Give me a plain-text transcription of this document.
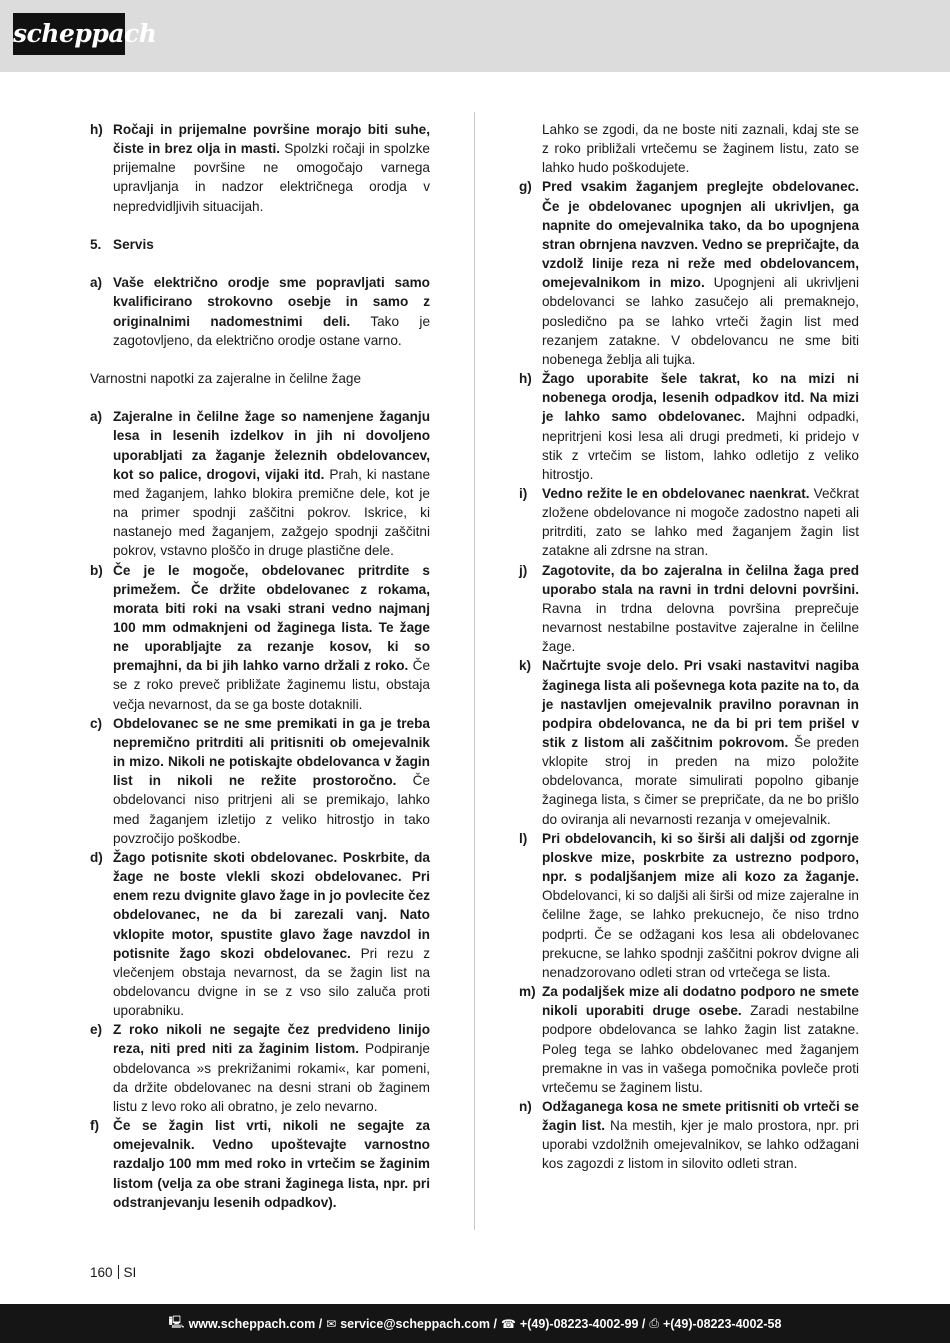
scheppach
h) Ročaji in prijemalne površine morajo biti suhe, čiste in brez olja in masti. Spolzki ročaji in spolzke prijemalne površine ne omogočajo varnega upravljanja in nadzor električnega orodja v nepredvidljivih situacijah.
5. Servis
a) Vaše električno orodje sme popravljati samo kvalificirano strokovno osebje in samo z originalnimi nadomestnimi deli. Tako je zagotovljeno, da električno orodje ostane varno.

Varnostni napotki za zajeralne in čelilne žage

a) Zajeralne in čelilne žage so namenjene žaganju lesa in lesenih izdelkov in jih ni dovoljeno uporabljati za žaganje železnih obdelovancev, kot so palice, drogovi, vijaki itd. Prah, ki nastane med žaganjem, lahko blokira premične dele, kot je na primer spodnji zaščitni pokrov. Iskrice, ki nastanejo med žaganjem, zažgejo spodnji zaščitni pokrov, vstavno ploščo in druge plastične dele.
b) Če je le mogoče, obdelovanec pritrdite s primežem. Če držite obdelovanec z rokama, morata biti roki na vsaki strani vedno najmanj 100 mm odmaknjeni od žaginega lista. Te žage ne uporabljajte za rezanje kosov, ki so premajhni, da bi jih lahko varno držali z roko. Če se z roko preveč približate žaginemu listu, obstaja večja nevarnost, da se ga boste dotaknili.
c) Obdelovanec se ne sme premikati in ga je treba nepremično pritrditi ali pritisniti ob omejevalnik in mizo. Nikoli ne potiskajte obdelovanca v žagin list in nikoli ne režite prostoročno. Če obdelovanci niso pritrjeni ali se premikajo, lahko med žaganjem izletijo z veliko hitrostjo in tako povzročijo poškodbe.
d) Žago potisnite skoti obdelovanec. Poskrbite, da žage ne boste vlekli skozi obdelovanec. Pri enem rezu dvignite glavo žage in jo povlecite čez obdelovanec, ne da bi zarezali vanj. Nato vklopite motor, spustite glavo žage navzdol in potisnite žago skozi obdelovanec. Pri rezu z vlečenjem obstaja nevarnost, da se žagin list na obdelovancu dvigne in se z vso silo zaluča proti uporabniku.
e) Z roko nikoli ne segajte čez predvideno linijo reza, niti pred niti za žaginim listom. Podpiranje obdelovanca »s prekrižanimi rokami«, kar pomeni, da držite obdelovanec na desni strani ob žaginem listu z levo roko ali obratno, je zelo nevarno.
f)	Če se žagin list vrti, nikoli ne segajte za omejevalnik. Vedno upoštevajte varnostno razdaljo 100 mm med roko in vrtečim se žaginim listom (velja za obe strani žaginega lista, npr. pri odstranjevanju lesenih odpadkov).

Lahko se zgodi, da ne boste niti zaznali, kdaj ste se z roko približali vrtečemu se žaginem listu, zato se lahko hudo poškodujete.

g) Pred vsakim žaganjem preglejte obdelovanec. Če je obdelovanec upognjen ali ukrivljen, ga napnite do omejevalnika tako, da bo upognjena stran obrnjena navzven. Vedno se prepričajte, da vzdolž linije reza ni reže med obdelovancem, omejevalnikom in mizo. Upognjeni ali ukrivljeni obdelovanci se lahko zasučejo ali premaknejo, posledično pa se lahko vrteči žagin list med rezanjem zatakne. V obdelovancu ne sme biti nobenega žeblja ali tujka.
h) Žago uporabite šele takrat, ko na mizi ni nobenega orodja, lesenih odpadkov itd. Na mizi je lahko samo obdelovanec. Majhni odpadki, nepritrjeni kosi lesa ali drugi predmeti, ki pridejo v stik z vrtečim se listom, lahko odletijo z veliko hitrostjo.
i)	Vedno režite le en obdelovanec naenkrat. Večkrat zložene obdelovance ni mogoče zadostno napeti ali pritrditi, zato se lahko med žaganjem žagin list zatakne ali zdrsne na stran.
j)	Zagotovite, da bo zajeralna in čelilna žaga pred uporabo stala na ravni in trdni delovni površini. Ravna in trdna delovna površina preprečuje nevarnost nestabilne postavitve zajeralne in čelilne žage.
k) Načrtujte svoje delo. Pri vsaki nastavitvi nagiba žaginega lista ali poševnega kota pazite na to, da je nastavljen omejevalnik pravilno poravnan in podpira obdelovanca, ne da bi pri tem prišel v stik z listom ali zaščitnim pokrovom. Še preden vklopite stroj in preden na mizo položite obdelovanca, morate simulirati popolno gibanje žaginega lista, s čimer se prepričate, da ne bo prišlo do oviranja ali nevarnosti rezanja v omejevalnik.
l)	Pri obdelovancih, ki so širši ali daljši od zgornje ploskve mize, poskrbite za ustrezno podporo, npr. s podaljšanjem mize ali kozo za žaganje. Obdelovanci, ki so daljši ali širši od mize zajeralne in čelilne žage, se lahko prekucnejo, če niso trdno podprti. Če se odžagani kos lesa ali obdelovanec prekucne, se lahko spodnji zaščitni pokrov dvigne ali nenadzorovano odleti stran od vrtečega se lista.
m) Za podaljšek mize ali dodatno podporo ne smete nikoli uporabiti druge osebe. Zaradi nestabilne podpore obdelovanca se lahko žagin list zatakne. Poleg tega se lahko obdelovanec med žaganjem premakne in vas in vašega pomočnika povleče proti vrtečemu se žaginem listu.
n) Odžaganega kosa ne smete pritisniti ob vrteči se žagin list. Na mestih, kjer je malo prostora, npr. pri uporabi vzdolžnih omejevalnikov, se lahko odžagani kos zagozdi z listom in silovito odleti stran.
160 SI
🖳 www.scheppach.com / ✉ service@scheppach.com / ☎ +(49)-08223-4002-99 / ⎙ +(49)-08223-4002-58
